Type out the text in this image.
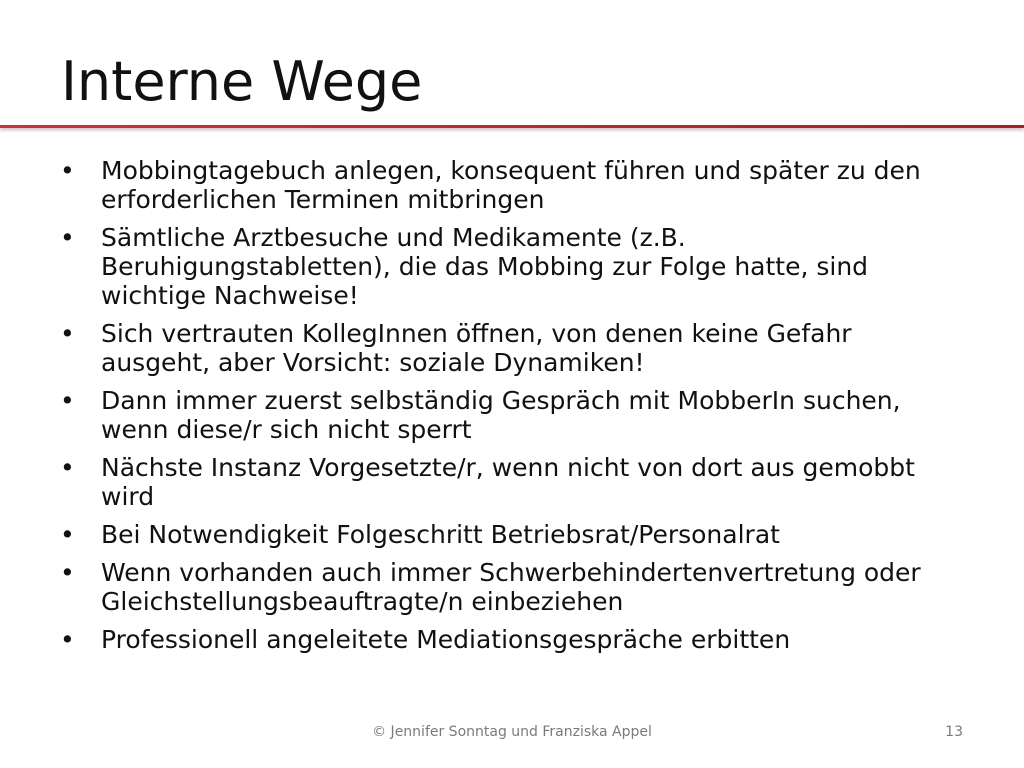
Interne Wege
• Mobbingtagebuch anlegen, konsequent führen und später zu den erforderlichen Terminen mitbringen
• Sämtliche Arztbesuche und Medikamente (z.B. Beruhigungstabletten), die das Mobbing zur Folge hatte, sind wichtige Nachweise!
• Sich vertrauten KollegInnen öffnen, von denen keine Gefahr ausgeht, aber Vorsicht: soziale Dynamiken!
• Dann immer zuerst selbständig Gespräch mit MobberIn suchen, wenn diese/r sich nicht sperrt
• Nächste Instanz Vorgesetzte/r, wenn nicht von dort aus gemobbt wird
• Bei Notwendigkeit Folgeschritt Betriebsrat/Personalrat
• Wenn vorhanden auch immer Schwerbehindertenvertretung oder Gleichstellungsbeauftragte/n einbeziehen
• Professionell angeleitete Mediationsgespräche erbitten
© Jennifer Sonntag und Franziska Appel	13
